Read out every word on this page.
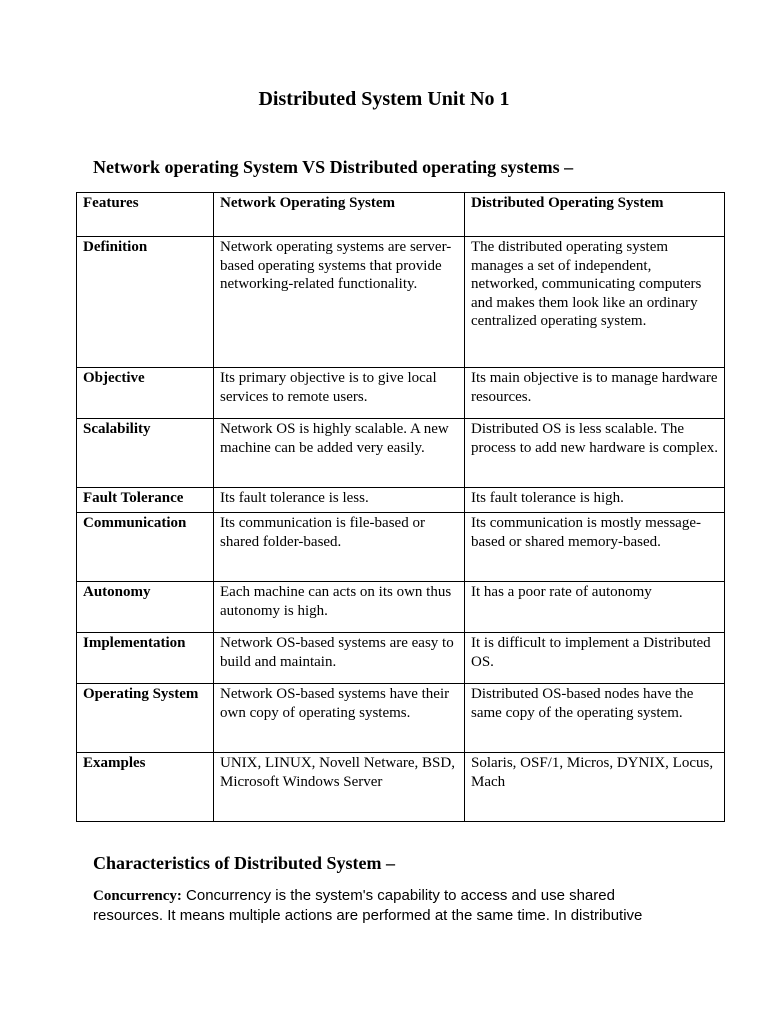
Distributed System Unit No 1
Network operating System VS Distributed operating systems –
Features	Network Operating System	Distributed Operating System
Definition	Network operating systems are server-based operating systems that provide networking-related functionality.	The distributed operating system manages a set of independent, networked, communicating computers and makes them look like an ordinary centralized operating system.
Objective	Its primary objective is to give local services to remote users.	Its main objective is to manage hardware resources.
Scalability	Network OS is highly scalable. A new machine can be added very easily.	Distributed OS is less scalable. The process to add new hardware is complex.
Fault Tolerance	Its fault tolerance is less.	Its fault tolerance is high.
Communication	Its communication is file-based or shared folder-based.	Its communication is mostly message-based or shared memory-based.
Autonomy	Each machine can acts on its own thus autonomy is high.	It has a poor rate of autonomy
Implementation	Network OS-based systems are easy to build and maintain.	It is difficult to implement a Distributed OS.
Operating System	Network OS-based systems have their own copy of operating systems.	Distributed OS-based nodes have the same copy of the operating system.
Examples	UNIX, LINUX, Novell Netware, BSD, Microsoft Windows Server	Solaris, OSF/1, Micros, DYNIX, Locus, Mach
Characteristics of Distributed System –

Concurrency: Concurrency is the system's capability to access and use shared
resources. It means multiple actions are performed at the same time. In distributive
